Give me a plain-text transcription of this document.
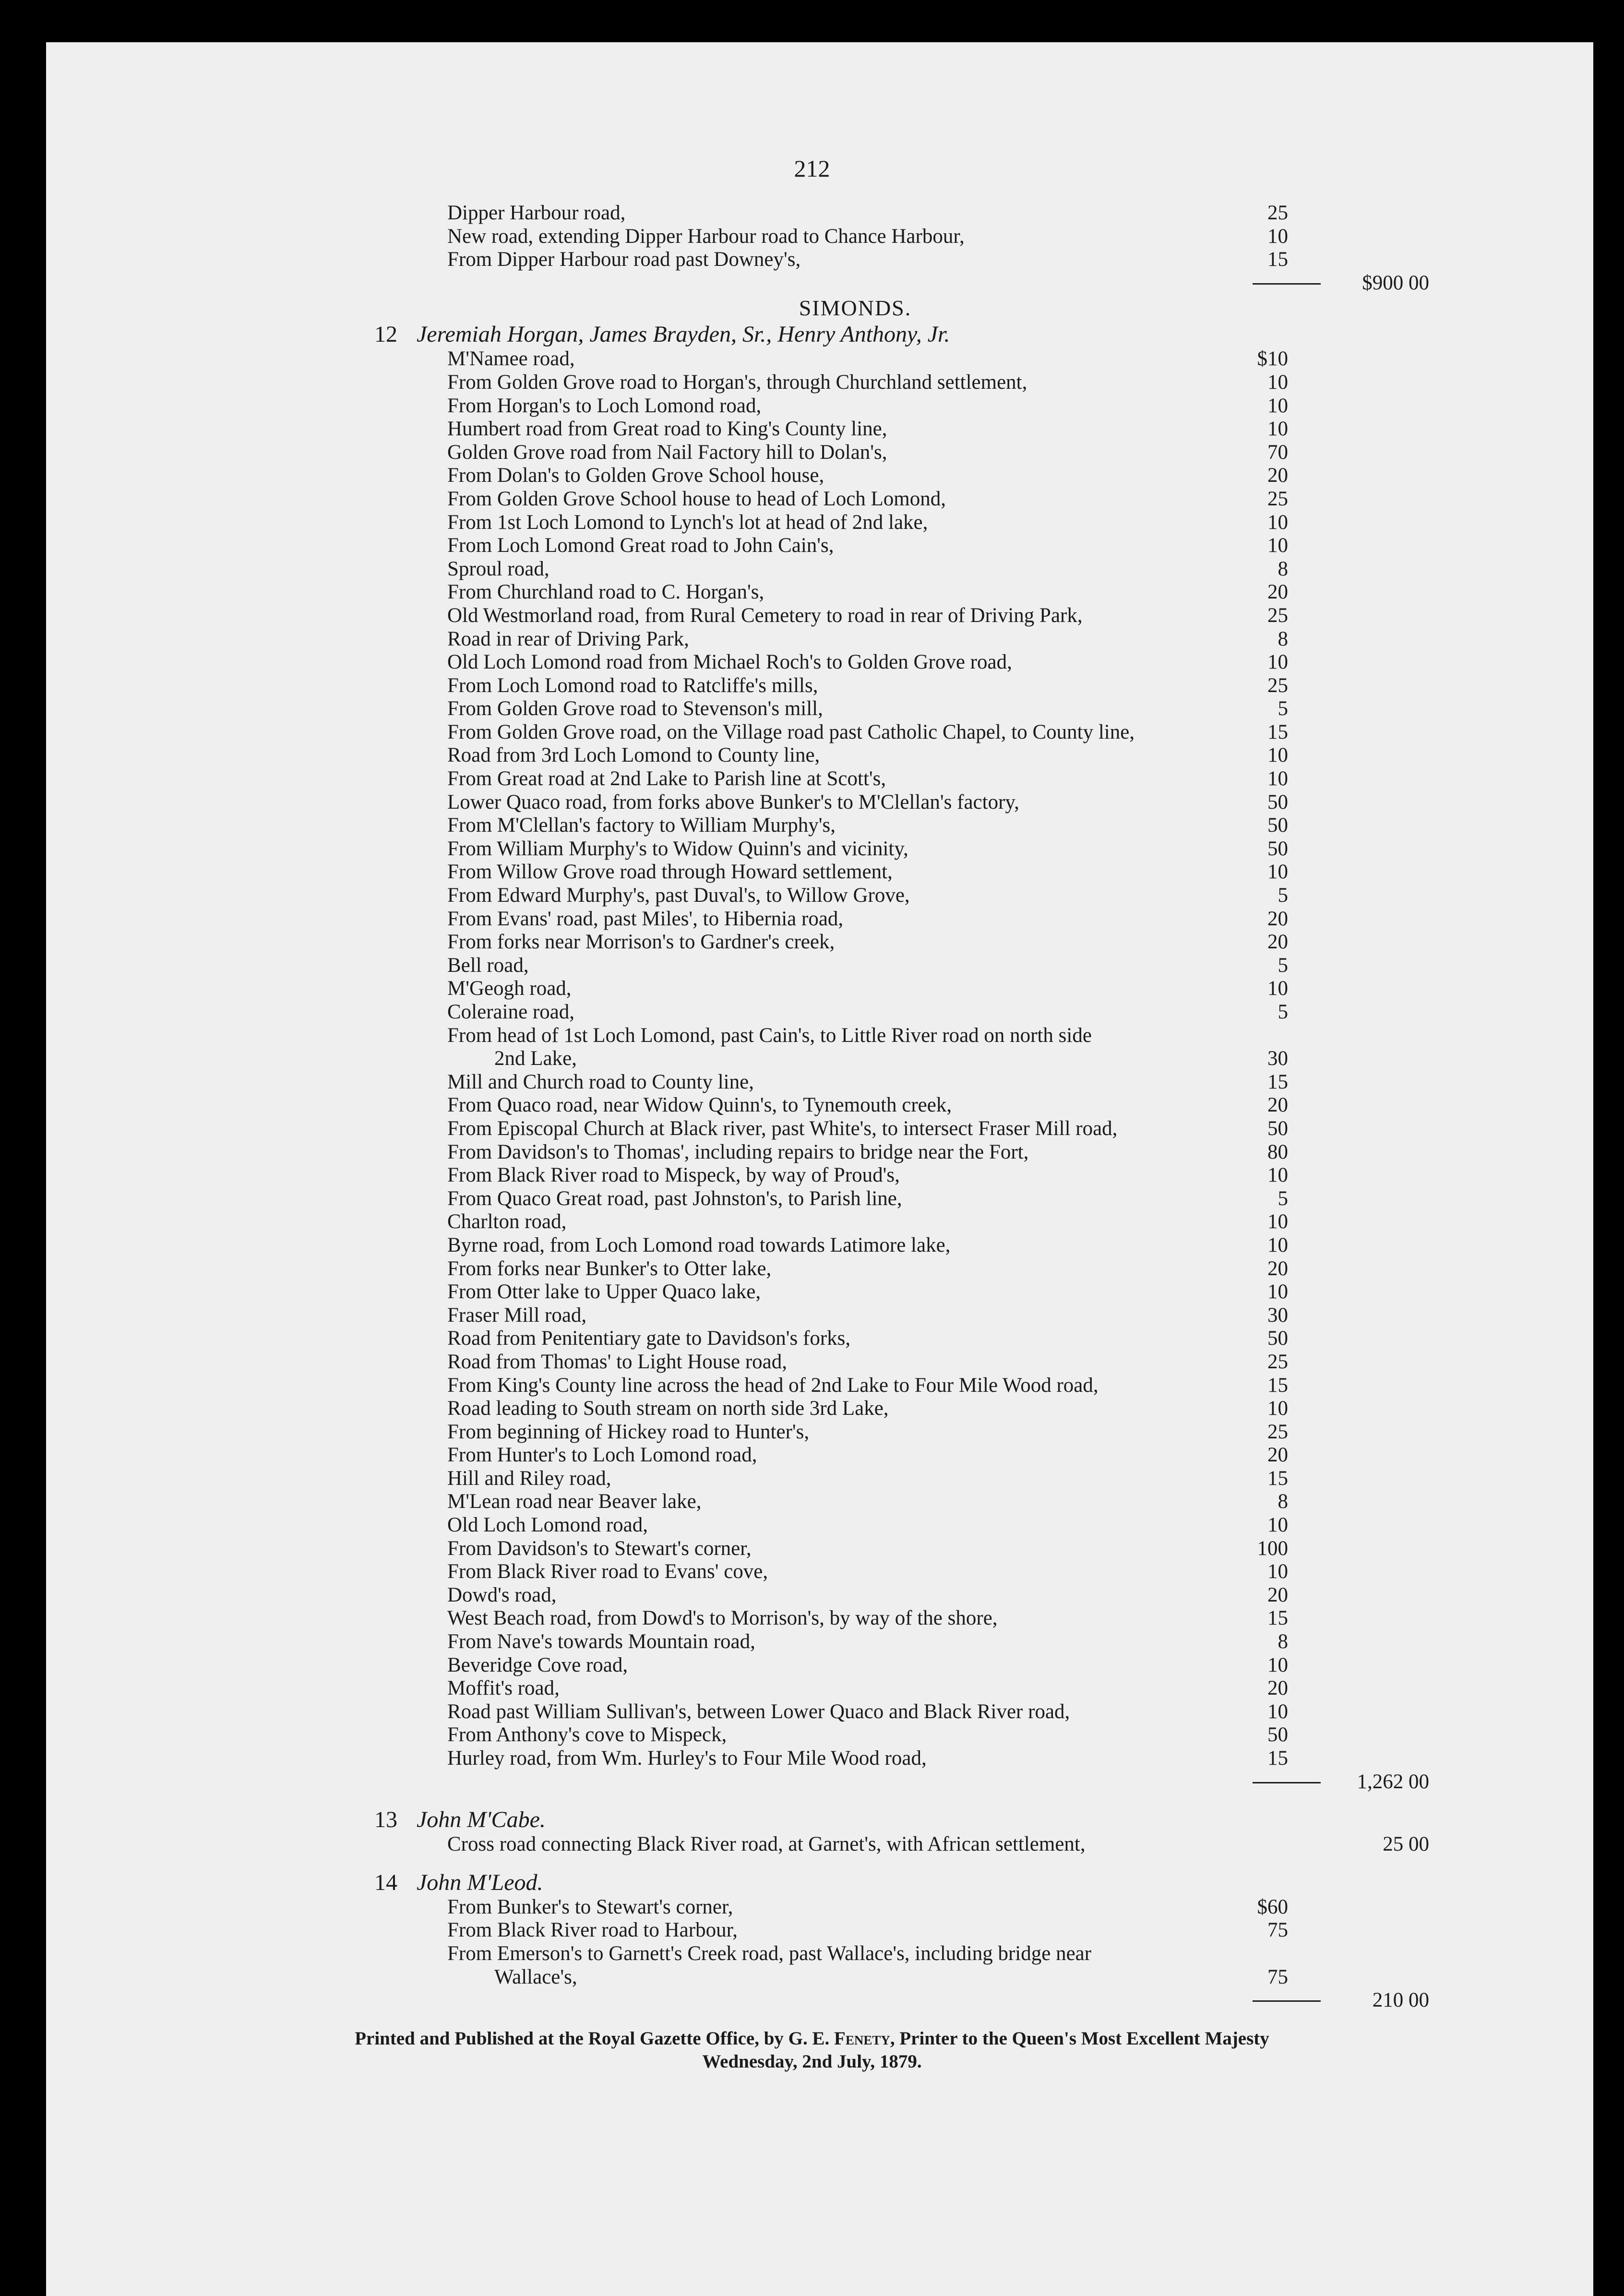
212
Dipper Harbour road,	25
New road, extending Dipper Harbour road to Chance Harbour,	10
From Dipper Harbour road past Downey's,	15
$900 00
SIMONDS.
12 Jeremiah Horgan, James Brayden, Sr., Henry Anthony, Jr.
M'Namee road,	$10
From Golden Grove road to Horgan's, through Churchland settlement,	10
From Horgan's to Loch Lomond road,	10
Humbert road from Great road to King's County line,	10
Golden Grove road from Nail Factory hill to Dolan's,	70
From Dolan's to Golden Grove School house,	20
From Golden Grove School house to head of Loch Lomond,	25
From 1st Loch Lomond to Lynch's lot at head of 2nd lake,	10
From Loch Lomond Great road to John Cain's,	10
Sproul road,	8
From Churchland road to C. Horgan's,	20
Old Westmorland road, from Rural Cemetery to road in rear of Driving Park,	25
Road in rear of Driving Park,	8
Old Loch Lomond road from Michael Roch's to Golden Grove road,	10
From Loch Lomond road to Ratcliffe's mills,	25
From Golden Grove road to Stevenson's mill,	5
From Golden Grove road, on the Village road past Catholic Chapel, to County line,	15
Road from 3rd Loch Lomond to County line,	10
From Great road at 2nd Lake to Parish line at Scott's,	10
Lower Quaco road, from forks above Bunker's to M'Clellan's factory,	50
From M'Clellan's factory to William Murphy's,	50
From William Murphy's to Widow Quinn's and vicinity,	50
From Willow Grove road through Howard settlement,	10
From Edward Murphy's, past Duval's, to Willow Grove,	5
From Evans' road, past Miles', to Hibernia road,	20
From forks near Morrison's to Gardner's creek,	20
Bell road,	5
M'Geogh road,	10
Coleraine road,	5
From head of 1st Loch Lomond, past Cain's, to Little River road on north side
2nd Lake,	30
Mill and Church road to County line,	15
From Quaco road, near Widow Quinn's, to Tynemouth creek,	20
From Episcopal Church at Black river, past White's, to intersect Fraser Mill road,	50
From Davidson's to Thomas', including repairs to bridge near the Fort,	80
From Black River road to Mispeck, by way of Proud's,	10
From Quaco Great road, past Johnston's, to Parish line,	5
Charlton road,	10
Byrne road, from Loch Lomond road towards Latimore lake,	10
From forks near Bunker's to Otter lake,	20
From Otter lake to Upper Quaco lake,	10
Fraser Mill road,	30
Road from Penitentiary gate to Davidson's forks,	50
Road from Thomas' to Light House road,	25
From King's County line across the head of 2nd Lake to Four Mile Wood road,	15
Road leading to South stream on north side 3rd Lake,	10
From beginning of Hickey road to Hunter's,	25
From Hunter's to Loch Lomond road,	20
Hill and Riley road,	15
M'Lean road near Beaver lake,	8
Old Loch Lomond road,	10
From Davidson's to Stewart's corner,	100
From Black River road to Evans' cove,	10
Dowd's road,	20
West Beach road, from Dowd's to Morrison's, by way of the shore,	15
From Nave's towards Mountain road,	8
Beveridge Cove road,	10
Moffit's road,	20
Road past William Sullivan's, between Lower Quaco and Black River road,	10
From Anthony's cove to Mispeck,	50
Hurley road, from Wm. Hurley's to Four Mile Wood road,	15
1,262 00
13 John M'Cabe.
Cross road connecting Black River road, at Garnet's, with African settlement,	25 00
14 John M'Leod.
From Bunker's to Stewart's corner,	$60
From Black River road to Harbour,	75
From Emerson's to Garnett's Creek road, past Wallace's, including bridge near
Wallace's,	75
210 00
Printed and Published at the Royal Gazette Office, by G. E. Fenety, Printer to the Queen's Most Excellent Majesty
Wednesday, 2nd July, 1879.
